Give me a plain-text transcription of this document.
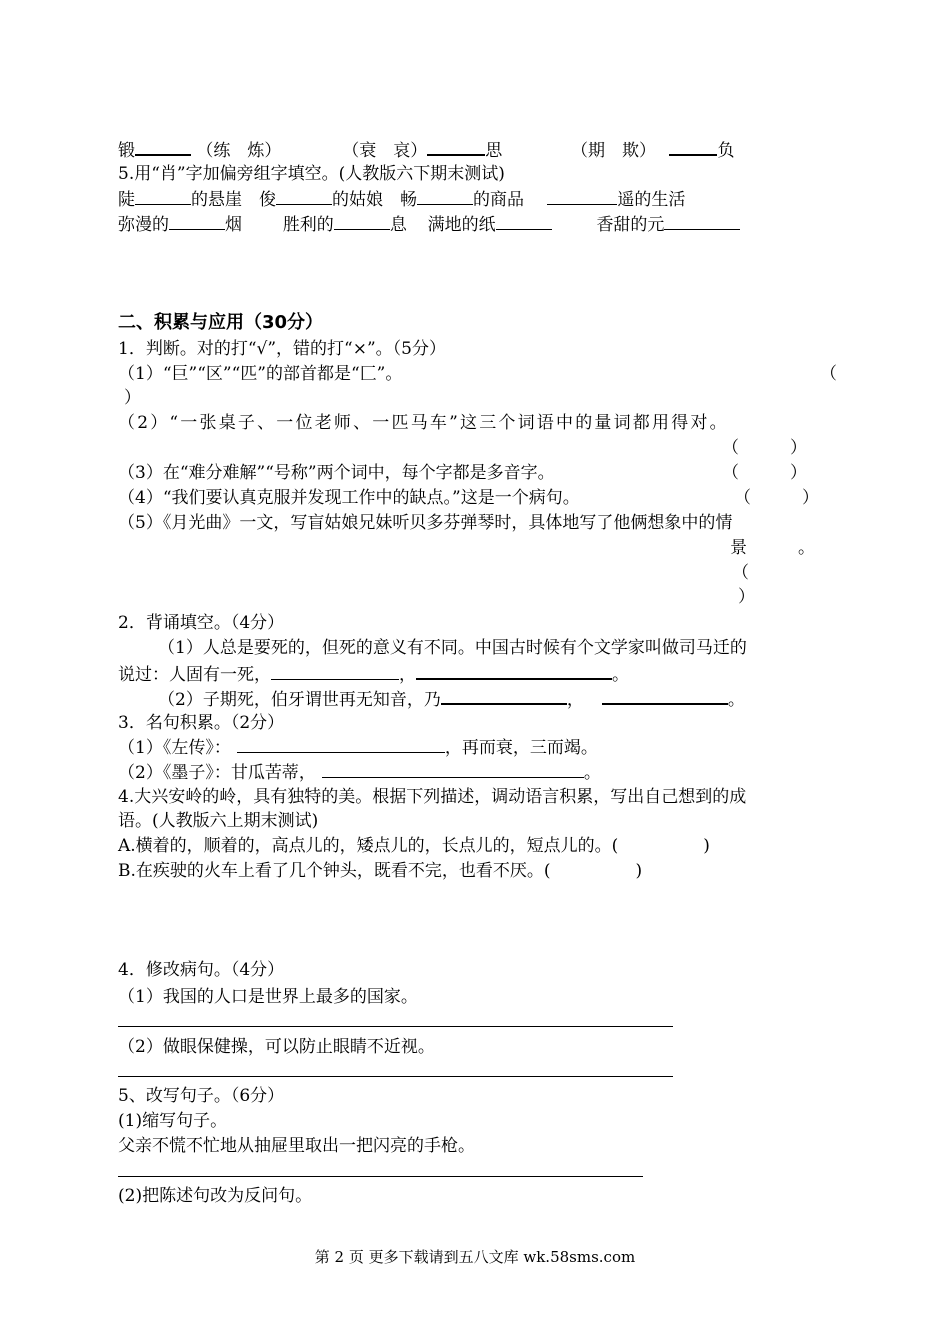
锻	（练　炼）	（衰　哀）	思	（期　欺）	负
5.用“肖”字加偏旁组字填空。(人教版六下期末测试)
陡	的悬崖　俊	的姑娘　畅	的商品	遥的生活
弥漫的	烟 胜利的	息 满地的纸	香甜的元
二、积累与应用（30分）
1．判断。对的打“√”，错的打“×”。（5分）
（1）“巨”“区”“匹”的部首都是“匚”。	（
）
（2）“一张桌子、一位老师、一匹马车”这三个词语中的量词都用得对。
（　　　）
（3）在“难分难解”“号称”两个词中，每个字都是多音字。	（　　　）
（4）“我们要认真克服并发现工作中的缺点。”这是一个病句。	（　　　）
（5）《月光曲》一文，写盲姑娘兄妹听贝多芬弹琴时，具体地写了他俩想象中的情
景　　　。
（
）
2．背诵填空。（4分）
（1）人总是要死的，但死的意义有不同。中国古时候有个文学家叫做司马迁的
说过：人固有一死，	，	。
（2）子期死，伯牙谓世再无知音，乃	，	。
3．名句积累。（2分）
（1）《左传》：	，再而衰，三而竭。
（2）《墨子》：甘瓜苦蒂，	。
4.大兴安岭的岭，具有独特的美。根据下列描述，调动语言积累，写出自己想到的成
语。(人教版六上期末测试)
A.横着的，顺着的，高点儿的，矮点儿的，长点儿的，短点儿的。(　　　　　)
B.在疾驶的火车上看了几个钟头，既看不完，也看不厌。(　　　　　)
4．修改病句。（4分）
（1）我国的人口是世界上最多的国家。
（2）做眼保健操，可以防止眼睛不近视。
5、改写句子。（6分）
(1)缩写句子。
父亲不慌不忙地从抽屉里取出一把闪亮的手枪。
(2)把陈述句改为反问句。
第 2 页 更多下载请到五八文库 wk.58sms.com
